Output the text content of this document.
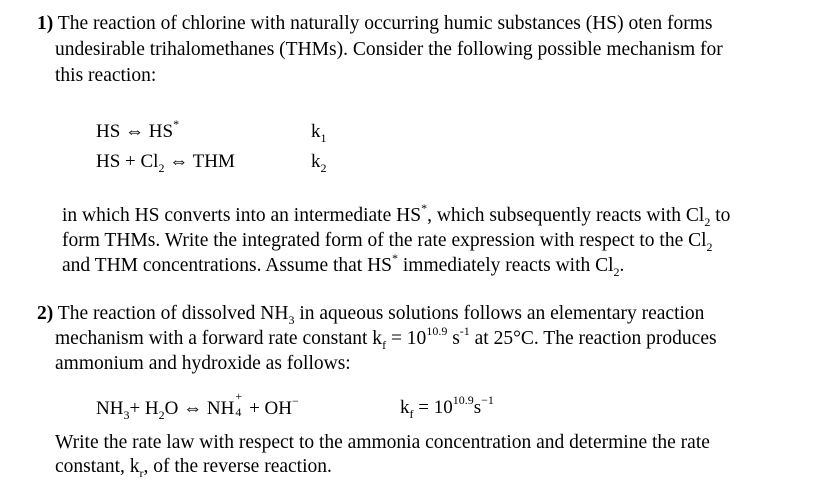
1) The reaction of chlorine with naturally occurring humic substances (HS) oten forms
undesirable trihalomethanes (THMs). Consider the following possible mechanism for
this reaction:
HS ⇔ HS*	$k_1$
HS + $Cl_2$ ⇔ THM	$k_2$
in which HS converts into an intermediate HS*, which subsequently reacts with $Cl_2$ to
form THMs. Write the integrated form of the rate expression with respect to the $Cl_2$
and THM concentrations. Assume that HS* immediately reacts with $Cl_2$.
2) The reaction of dissolved $NH_3$ in aqueous solutions follows an elementary reaction
mechanism with a forward rate constant $k_f = 10^{10.9}$ $s^{-1}$ at 25°C. The reaction produces
ammonium and hydroxide as follows:
$NH_3+ H_2O$ ⇔ NH
+
4 + OH−	$k_f = 10^{10.9}s^{-1}$
Write the rate law with respect to the ammonia concentration and determine the rate
constant, $k_r$, of the reverse reaction.
